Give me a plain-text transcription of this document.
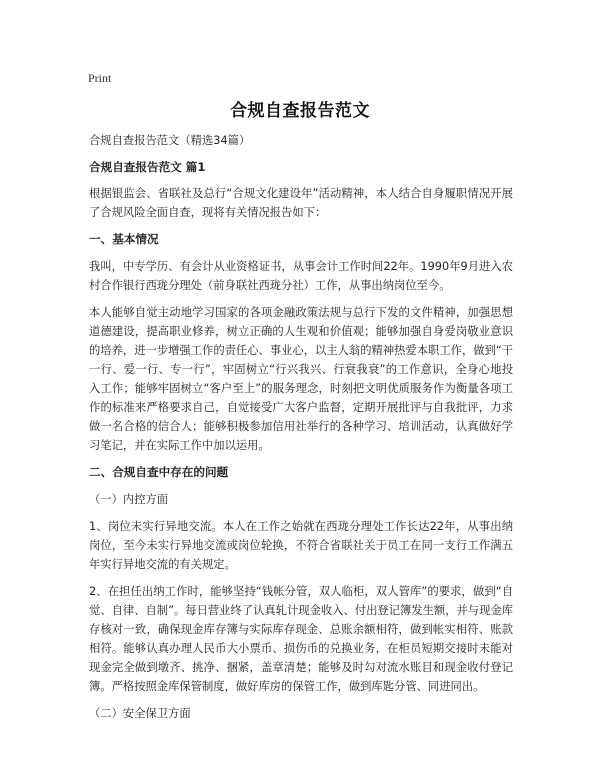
Print
合规自查报告范文

合规自查报告范文（精选34篇）

合规自查报告范文 篇1

根据银监会、省联社及总行“合规文化建设年”活动精神，本人结合自身履职情况开展了合规风险全面自查，现将有关情况报告如下：

一、基本情况

我叫，中专学历、有会计从业资格证书，从事会计工作时间22年。1990年9月进入农村合作银行西珑分理处（前身联社西珑分社）工作，从事出纳岗位至今。

本人能够自觉主动地学习国家的各项金融政策法规与总行下发的文件精神，加强思想道德建设，提高职业修养，树立正确的人生观和价值观；能够加强自身爱岗敬业意识的培养，进一步增强工作的责任心、事业心，以主人翁的精神热爱本职工作，做到“干一行、爱一行、专一行”，牢固树立“行兴我兴、行衰我衰”的工作意识，全身心地投入工作；能够牢固树立“客户至上”的服务理念，时刻把文明优质服务作为衡量各项工作的标准来严格要求自己，自觉接受广大客户监督，定期开展批评与自我批评，力求做一名合格的信合人；能够积极参加信用社举行的各种学习、培训活动，认真做好学习笔记，并在实际工作中加以运用。

二、合规自查中存在的问题

（一）内控方面

1、岗位未实行异地交流。本人在工作之始就在西珑分理处工作长达22年，从事出纳岗位，至今未实行异地交流或岗位轮换，不符合省联社关于员工在同一支行工作满五年实行异地交流的有关规定。

2、在担任出纳工作时，能够坚持“钱帐分管，双人临柜，双人管库”的要求，做到“自觉、自律、自制”。每日营业终了认真轧计现金收入、付出登记簿发生额，并与现金库存核对一致，确保现金库存簿与实际库存现金、总账余额相符，做到帐实相符、账款相符。能够认真办理人民币大小票币、损伤币的兑换业务，在柜员短期交接时未能对现金完全做到墩齐、挑净、捆紧，盖章清楚；能够及时勾对流水账目和现金收付登记簿。严格按照金库保管制度，做好库房的保管工作，做到库匙分管、同进同出。

（二）安全保卫方面
